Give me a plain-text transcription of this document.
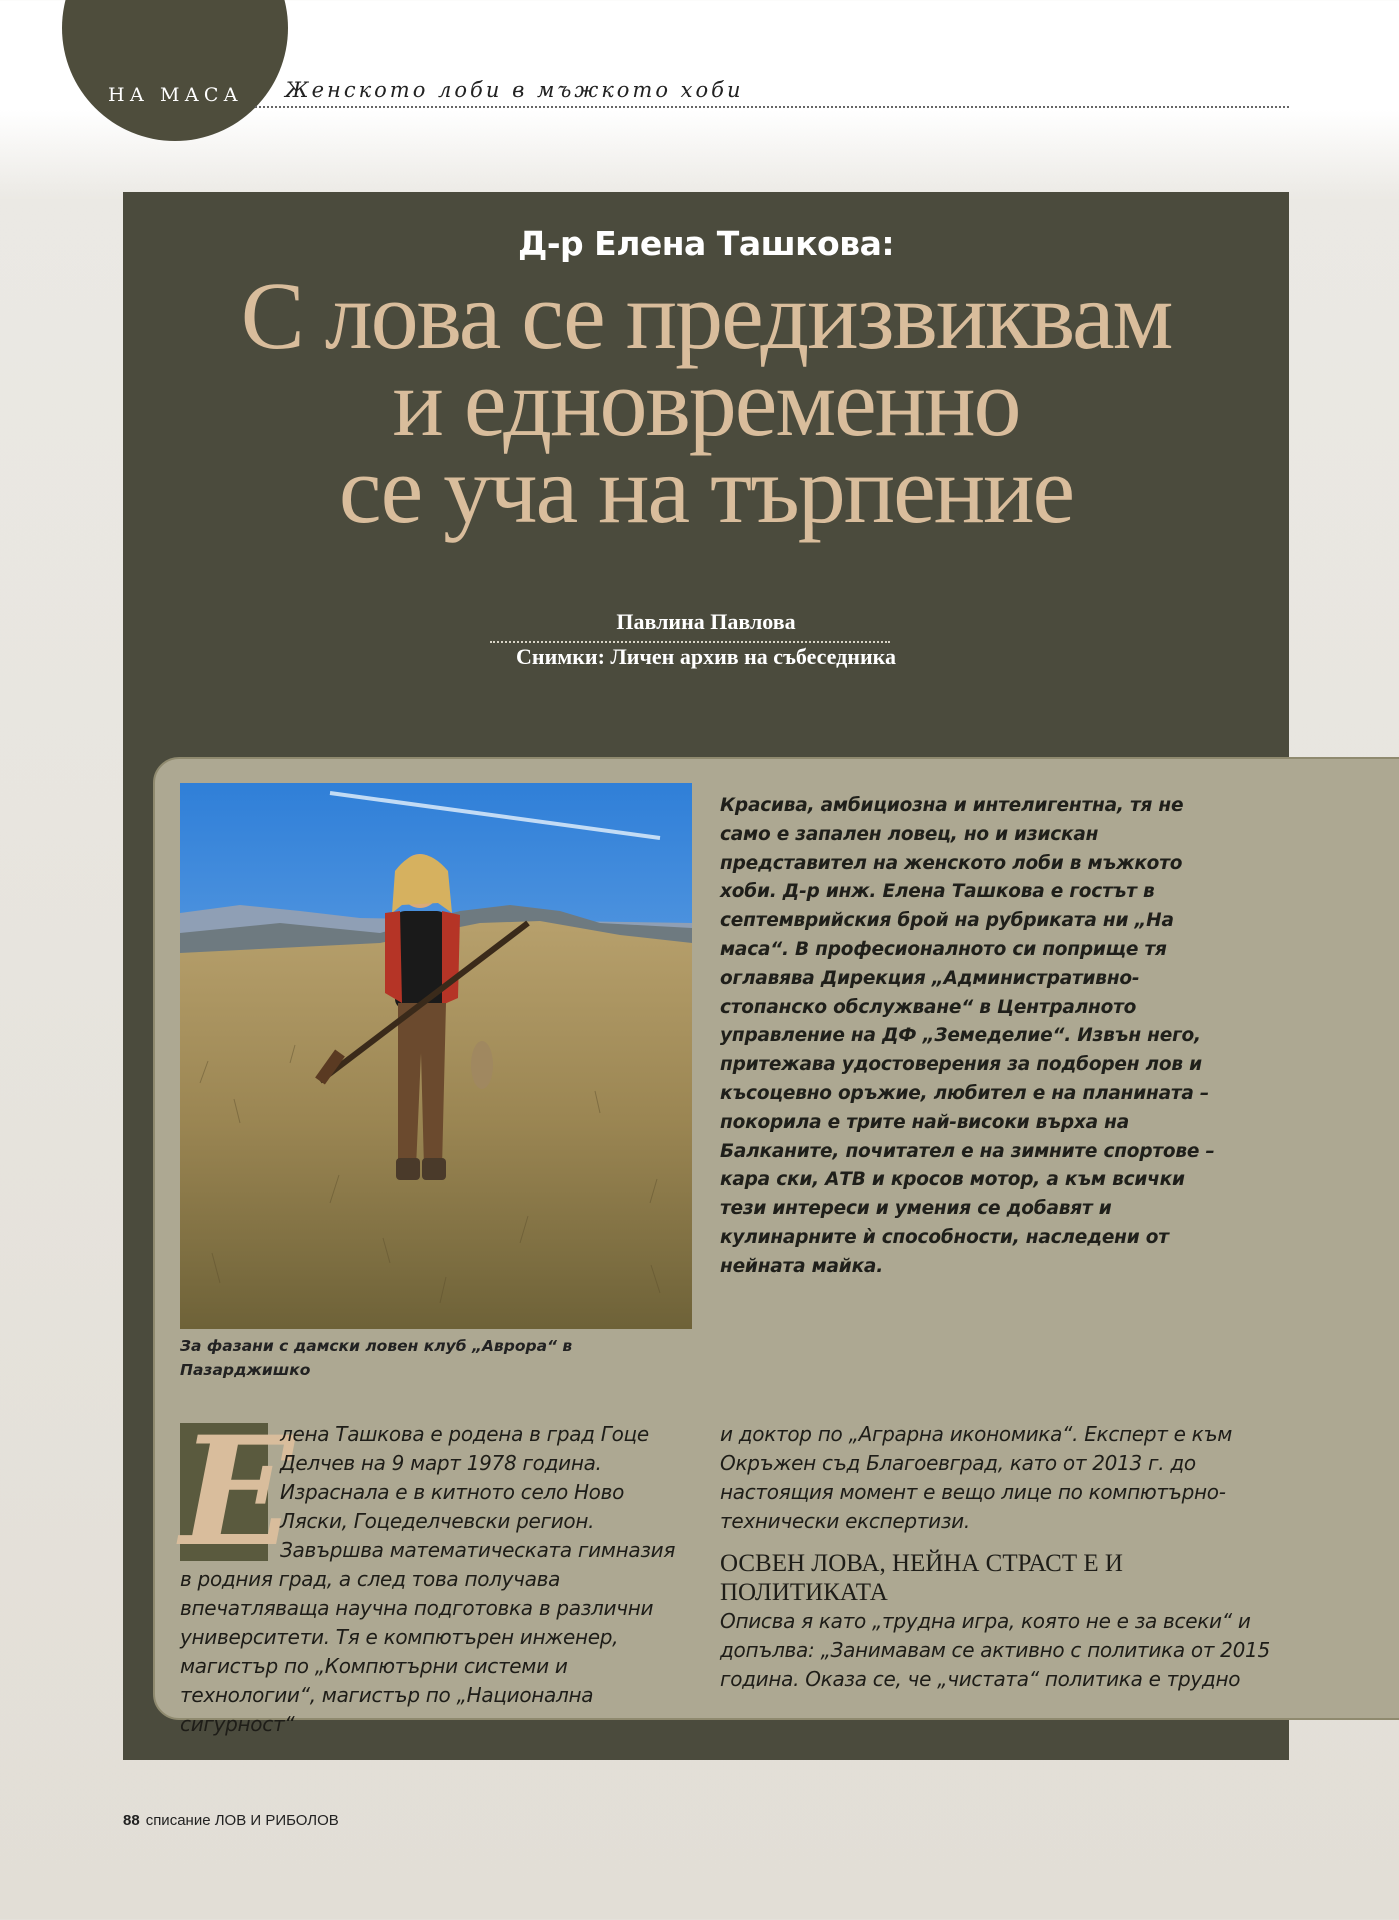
НА МАСА Женското лоби в мъжкото хоби
Д-р Елена Ташкова:
С лова се предизвиквам
и едновременно
се уча на търпение
Павлина Павлова
Снимки: Личен архив на събеседника
За фазани с дамски ловен клуб „Аврора“ в Пазарджишко
Красива, амбициозна и интелигентна, тя не само е запален ловец, но и изискан представител на женското лоби в мъжкото хоби. Д-р инж. Елена Ташкова е гостът в септемврийския брой на рубриката ни „На маса“. В професионалното си поприще тя оглавява Дирекция „Административно-стопанско обслужване“ в Централното управление на ДФ „Земеделие“. Извън него, притежава удостоверения за подборен лов и късоцевно оръжие, любител е на планината – покорила е трите най-високи върха на Балканите, почитател е на зимните спортове – кара ски, АТВ и кросов мотор, а към всички тези интереси и умения се добавят и кулинарните ѝ способности, наследени от нейната майка.
Е
лена Ташкова е родена в град Гоце Делчев на 9 март 1978 година. Израснала е в китното село Ново Ляски, Гоцеделчевски регион. Завършва математическата гимназия в родния град, а след това получава впечатляваща научна подготовка в различни университети. Тя е компютърен инженер, магистър по „Компютърни системи и технологии“, магистър по „Национална сигурност“
и доктор по „Аграрна икономика“. Експерт е към Окръжен съд Благоевград, като от 2013 г. до настоящия момент е вещо лице по компютърно-технически експертизи.
ОСВЕН ЛОВА, НЕЙНА СТРАСТ Е И ПОЛИТИКАТА
Описва я като „трудна игра, която не е за всеки“ и допълва: „Занимавам се активно с политика от 2015 година. Оказа се, че „чистата“ политика е трудно
88 списание ЛОВ И РИБОЛОВ
